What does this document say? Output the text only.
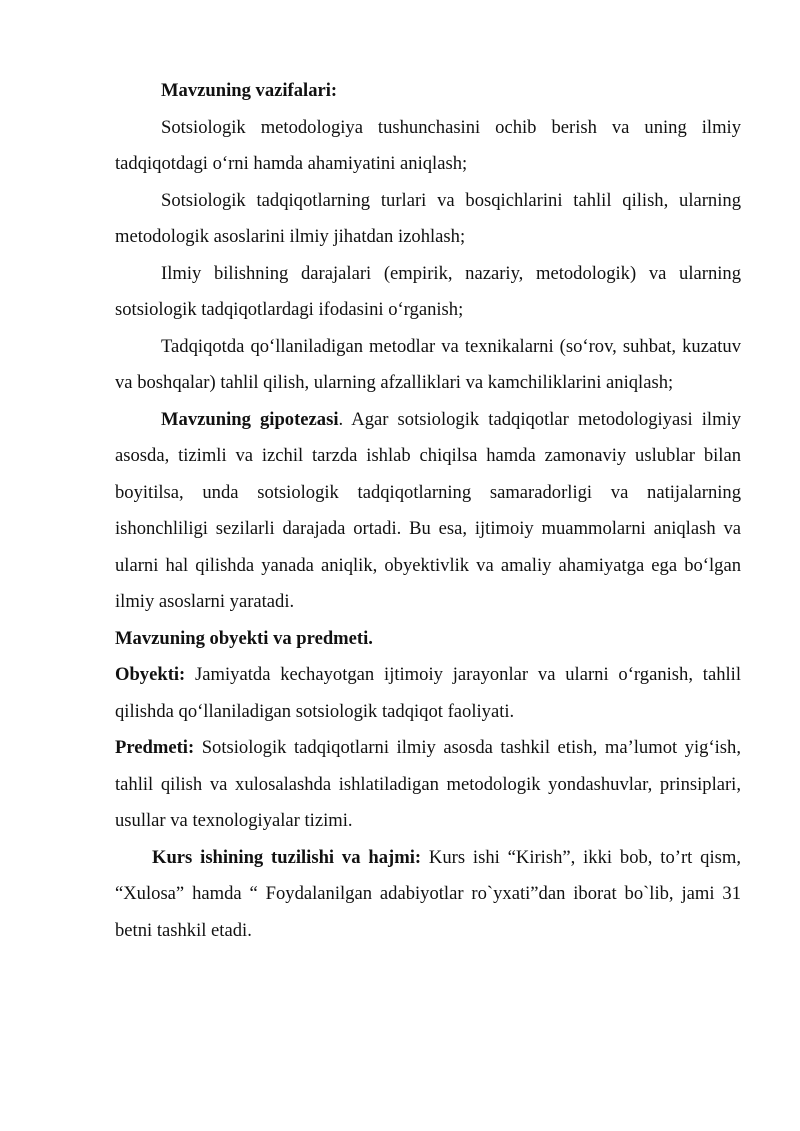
Mavzuning vazifalari:

Sotsiologik metodologiya tushunchasini ochib berish va uning ilmiy tadqiqotdagi o‘rni hamda ahamiyatini aniqlash;

Sotsiologik tadqiqotlarning turlari va bosqichlarini tahlil qilish, ularning metodologik asoslarini ilmiy jihatdan izohlash;

Ilmiy bilishning darajalari (empirik, nazariy, metodologik) va ularning sotsiologik tadqiqotlardagi ifodasini o‘rganish;

Tadqiqotda qo‘llaniladigan metodlar va texnikalarni (so‘rov, suhbat, kuzatuv va boshqalar) tahlil qilish, ularning afzalliklari va kamchiliklarini aniqlash;

Mavzuning gipotezasi. Agar sotsiologik tadqiqotlar metodologiyasi ilmiy asosda, tizimli va izchil tarzda ishlab chiqilsa hamda zamonaviy uslublar bilan boyitilsa, unda sotsiologik tadqiqotlarning samaradorligi va natijalarning ishonchliligi sezilarli darajada ortadi. Bu esa, ijtimoiy muammolarni aniqlash va ularni hal qilishda yanada aniqlik, obyektivlik va amaliy ahamiyatga ega bo‘lgan ilmiy asoslarni yaratadi.

Mavzuning obyekti va predmeti.

Obyekti: Jamiyatda kechayotgan ijtimoiy jarayonlar va ularni o‘rganish, tahlil qilishda qo‘llaniladigan sotsiologik tadqiqot faoliyati.

Predmeti: Sotsiologik tadqiqotlarni ilmiy asosda tashkil etish, ma’lumot yig‘ish, tahlil qilish va xulosalashda ishlatiladigan metodologik yondashuvlar, prinsiplari, usullar va texnologiyalar tizimi.

Kurs ishining tuzilishi va hajmi: Kurs ishi “Kirish”, ikki bob, to’rt qism, “Xulosa” hamda “ Foydalanilgan adabiyotlar ro`yxati”dan iborat bo`lib, jami 31 betni tashkil etadi.
